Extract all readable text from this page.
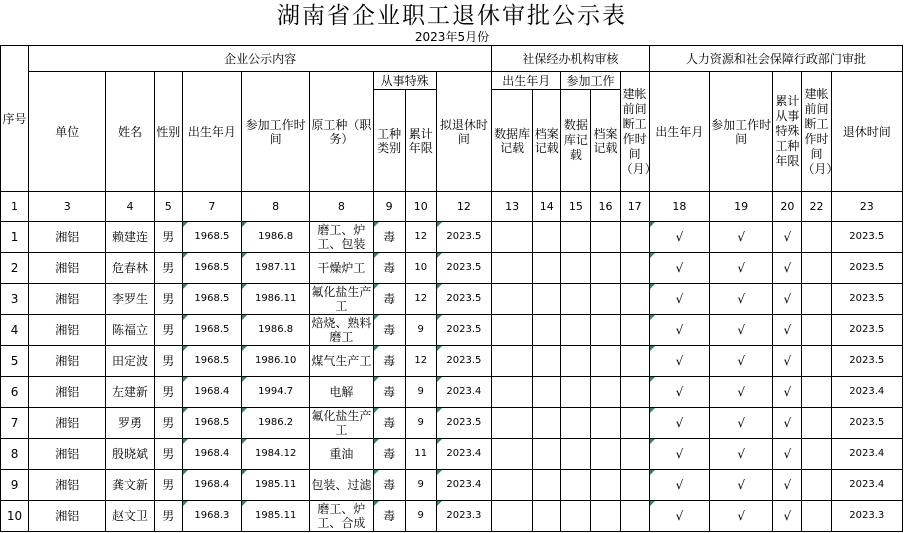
湖南省企业职工退休审批公示表
2023年5月份
序号	企业公示内容									社保经办机构审核					人力资源和社会保障行政部门审批				
	单位	姓名	性别	出生年月	参加工作时间	原工种（职务）	从事特殊		拟退休时间	出生年月		参加工作		建帐前间断工作时间（月）	出生年月	参加工作时间	累计从事特殊工种年限	建帐前间断工作时间（月）	退休时间
							工种类别	累计年限		数据库记载	档案记载	数据库记载	档案记载						
1	3	4	5	7	8	8	9	10	12	13	14	15	16	17	18	19	20	22	23
1	湘铝	赖建连	男	1968.5	1986.8	磨工、炉工、包装	毒	12	2023.5						√	√	√		2023.5
2	湘铝	危春林	男	1968.5	1987.11	干燥炉工	毒	10	2023.5						√	√	√		2023.5
3	湘铝	李罗生	男	1968.5	1986.11	氟化盐生产工	毒	12	2023.5						√	√	√		2023.5
4	湘铝	陈福立	男	1968.5	1986.8	焙烧、熟料磨工	毒	9	2023.5						√	√	√		2023.5
5	湘铝	田定波	男	1968.5	1986.10	煤气生产工	毒	12	2023.5						√	√	√		2023.5
6	湘铝	左建新	男	1968.4	1994.7	电解	毒	9	2023.4						√	√	√		2023.4
7	湘铝	罗勇	男	1968.5	1986.2	氟化盐生产工	毒	9	2023.5						√	√	√		2023.5
8	湘铝	殷晓斌	男	1968.4	1984.12	重油	毒	11	2023.4						√	√	√		2023.4
9	湘铝	龚文新	男	1968.4	1985.11	包装、过滤	毒	9	2023.4						√	√	√		2023.4
10	湘铝	赵文卫	男	1968.3	1985.11	磨工、炉工、合成	毒	9	2023.3						√	√	√		2023.3
